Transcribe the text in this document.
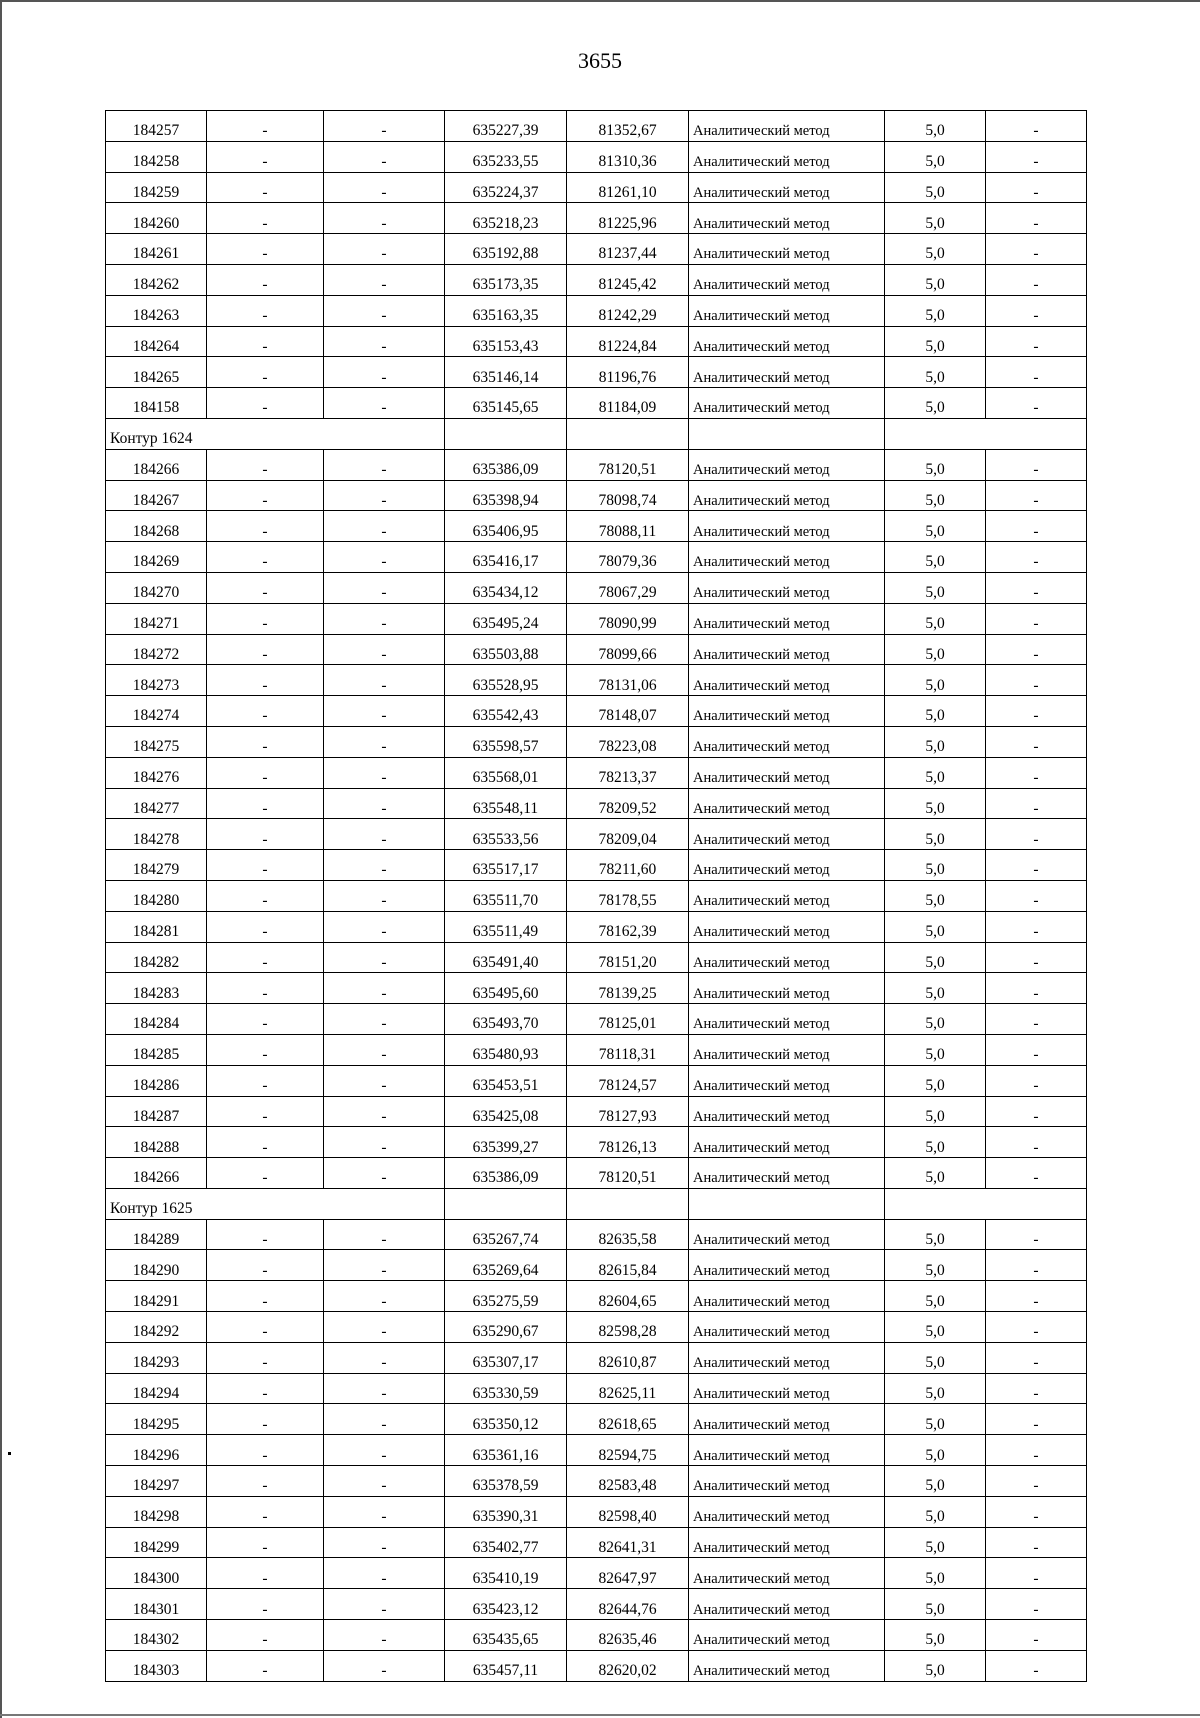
3655
184257	-	-	635227,39	81352,67	Аналитический метод	5,0	-
184258	-	-	635233,55	81310,36	Аналитический метод	5,0	-
184259	-	-	635224,37	81261,10	Аналитический метод	5,0	-
184260	-	-	635218,23	81225,96	Аналитический метод	5,0	-
184261	-	-	635192,88	81237,44	Аналитический метод	5,0	-
184262	-	-	635173,35	81245,42	Аналитический метод	5,0	-
184263	-	-	635163,35	81242,29	Аналитический метод	5,0	-
184264	-	-	635153,43	81224,84	Аналитический метод	5,0	-
184265	-	-	635146,14	81196,76	Аналитический метод	5,0	-
184158	-	-	635145,65	81184,09	Аналитический метод	5,0	-
Контур 1624							
184266	-	-	635386,09	78120,51	Аналитический метод	5,0	-
184267	-	-	635398,94	78098,74	Аналитический метод	5,0	-
184268	-	-	635406,95	78088,11	Аналитический метод	5,0	-
184269	-	-	635416,17	78079,36	Аналитический метод	5,0	-
184270	-	-	635434,12	78067,29	Аналитический метод	5,0	-
184271	-	-	635495,24	78090,99	Аналитический метод	5,0	-
184272	-	-	635503,88	78099,66	Аналитический метод	5,0	-
184273	-	-	635528,95	78131,06	Аналитический метод	5,0	-
184274	-	-	635542,43	78148,07	Аналитический метод	5,0	-
184275	-	-	635598,57	78223,08	Аналитический метод	5,0	-
184276	-	-	635568,01	78213,37	Аналитический метод	5,0	-
184277	-	-	635548,11	78209,52	Аналитический метод	5,0	-
184278	-	-	635533,56	78209,04	Аналитический метод	5,0	-
184279	-	-	635517,17	78211,60	Аналитический метод	5,0	-
184280	-	-	635511,70	78178,55	Аналитический метод	5,0	-
184281	-	-	635511,49	78162,39	Аналитический метод	5,0	-
184282	-	-	635491,40	78151,20	Аналитический метод	5,0	-
184283	-	-	635495,60	78139,25	Аналитический метод	5,0	-
184284	-	-	635493,70	78125,01	Аналитический метод	5,0	-
184285	-	-	635480,93	78118,31	Аналитический метод	5,0	-
184286	-	-	635453,51	78124,57	Аналитический метод	5,0	-
184287	-	-	635425,08	78127,93	Аналитический метод	5,0	-
184288	-	-	635399,27	78126,13	Аналитический метод	5,0	-
184266	-	-	635386,09	78120,51	Аналитический метод	5,0	-
Контур 1625							
184289	-	-	635267,74	82635,58	Аналитический метод	5,0	-
184290	-	-	635269,64	82615,84	Аналитический метод	5,0	-
184291	-	-	635275,59	82604,65	Аналитический метод	5,0	-
184292	-	-	635290,67	82598,28	Аналитический метод	5,0	-
184293	-	-	635307,17	82610,87	Аналитический метод	5,0	-
184294	-	-	635330,59	82625,11	Аналитический метод	5,0	-
184295	-	-	635350,12	82618,65	Аналитический метод	5,0	-
184296	-	-	635361,16	82594,75	Аналитический метод	5,0	-
184297	-	-	635378,59	82583,48	Аналитический метод	5,0	-
184298	-	-	635390,31	82598,40	Аналитический метод	5,0	-
184299	-	-	635402,77	82641,31	Аналитический метод	5,0	-
184300	-	-	635410,19	82647,97	Аналитический метод	5,0	-
184301	-	-	635423,12	82644,76	Аналитический метод	5,0	-
184302	-	-	635435,65	82635,46	Аналитический метод	5,0	-
184303	-	-	635457,11	82620,02	Аналитический метод	5,0	-
